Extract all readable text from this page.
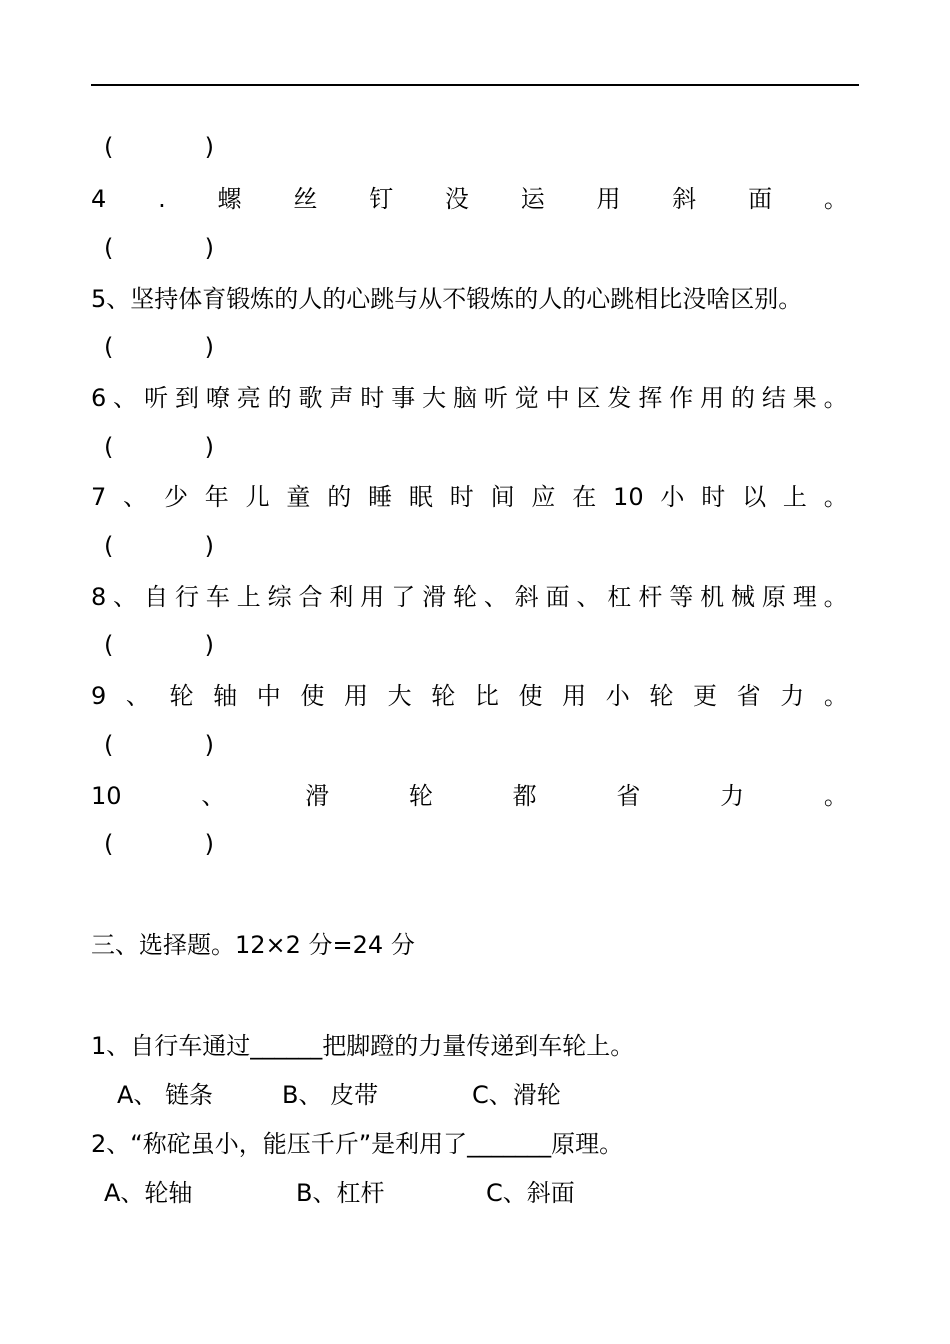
(	)
4 . 螺 丝 钉 没 运 用 斜 面 。
(	)
5、坚持体育锻炼的人的心跳与从不锻炼的人的心跳相比没啥区别。
(	)
6 、 听 到 嘹 亮 的 歌 声 时 事 大 脑 听 觉 中 区 发 挥 作 用 的 结 果 。
(	)
7 、 少 年 儿 童 的 睡 眠 时 间 应 在 10 小 时 以 上 。
(	)
8 、 自 行 车 上 综 合 利 用 了 滑 轮 、 斜 面 、 杠 杆 等 机 械 原 理 。
(	)
9 、 轮 轴 中 使 用 大 轮 比 使 用 小 轮 更 省 力 。
(	)
10	、	滑	轮	都	省	力	。
(	)
三、选择题。12×2 分=24 分
1、自行车通过______把脚蹬的力量传递到车轮上。
A、 链条	B、 皮带	C、滑轮
2、“称砣虽小，能压千斤”是利用了_______原理。
A、轮轴	B、杠杆	C、斜面
